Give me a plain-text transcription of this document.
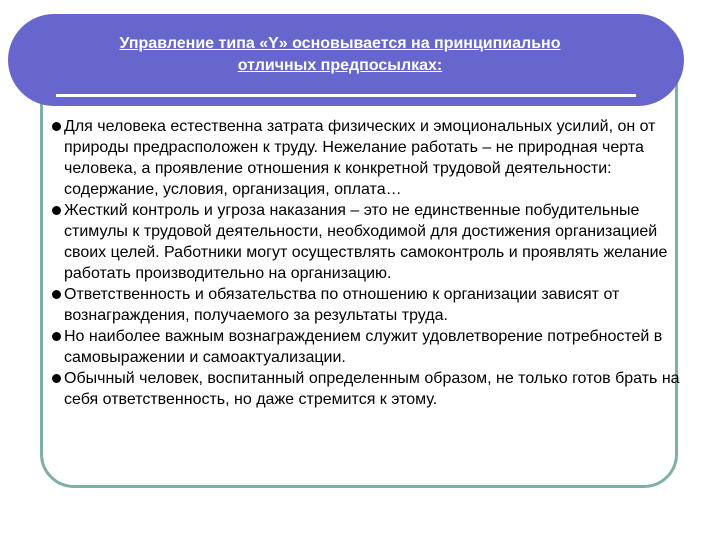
Управление типа «Y» основывается на принципиально
отличных предпосылках:

Для человека естественна затрата физических и эмоциональных усилий, он от природы предрасположен к труду. Нежелание работать – не природная черта человека, а проявление отношения к конкретной трудовой деятельности: содержание, условия, организация, оплата…

Жесткий контроль и угроза наказания – это не единственные побудительные стимулы к трудовой деятельности, необходимой для достижения организацией своих целей. Работники могут осуществлять самоконтроль и проявлять желание работать производительно на организацию.

Ответственность и обязательства по отношению к организации зависят от вознаграждения, получаемого за результаты труда.

Но наиболее важным вознаграждением служит удовлетворение потребностей в самовыражении и самоактуализации.

Обычный человек, воспитанный определенным образом, не только готов брать на себя ответственность, но даже стремится к этому.
